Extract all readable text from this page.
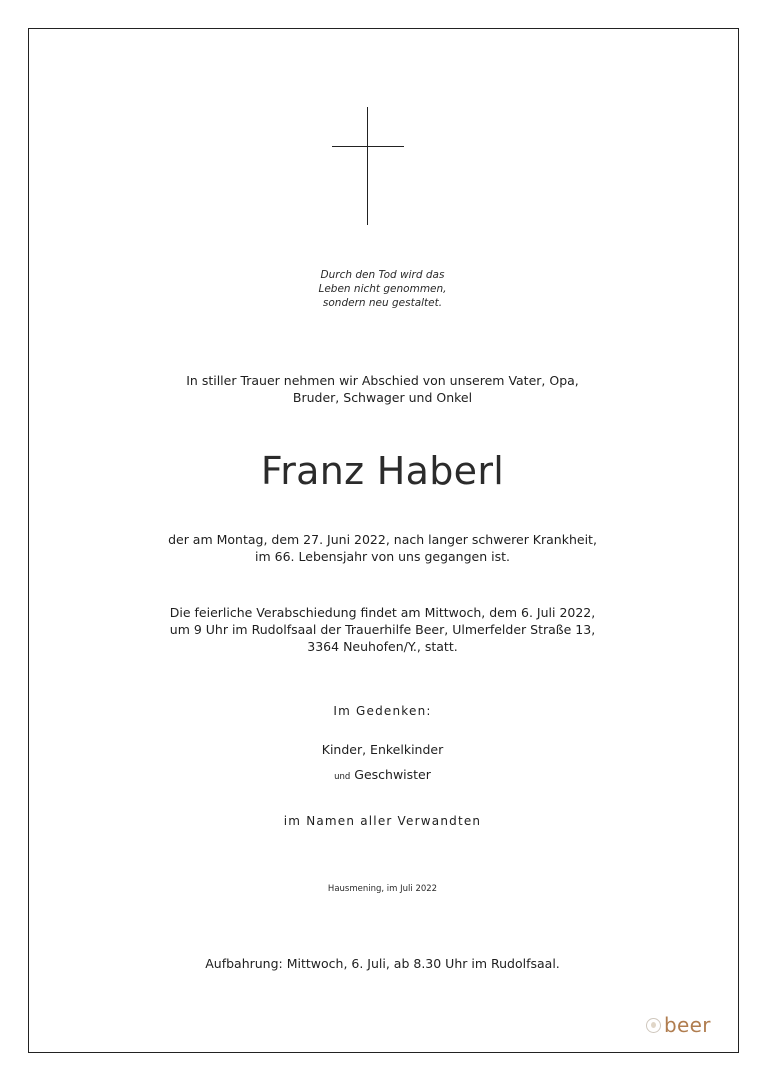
Durch den Tod wird das
Leben nicht genommen,
sondern neu gestaltet.
In stiller Trauer nehmen wir Abschied von unserem Vater, Opa,
Bruder, Schwager und Onkel
Franz Haberl
der am Montag, dem 27. Juni 2022, nach langer schwerer Krankheit,
im 66. Lebensjahr von uns gegangen ist.
Die feierliche Verabschiedung findet am Mittwoch, dem 6. Juli 2022,
um 9 Uhr im Rudolfsaal der Trauerhilfe Beer, Ulmerfelder Straße 13,
3364 Neuhofen/Y., statt.
Im Gedenken:
Kinder, Enkelkinder
und Geschwister
im Namen aller Verwandten
Hausmening, im Juli 2022
Aufbahrung: Mittwoch, 6. Juli, ab 8.30 Uhr im Rudolfsaal.
beer
